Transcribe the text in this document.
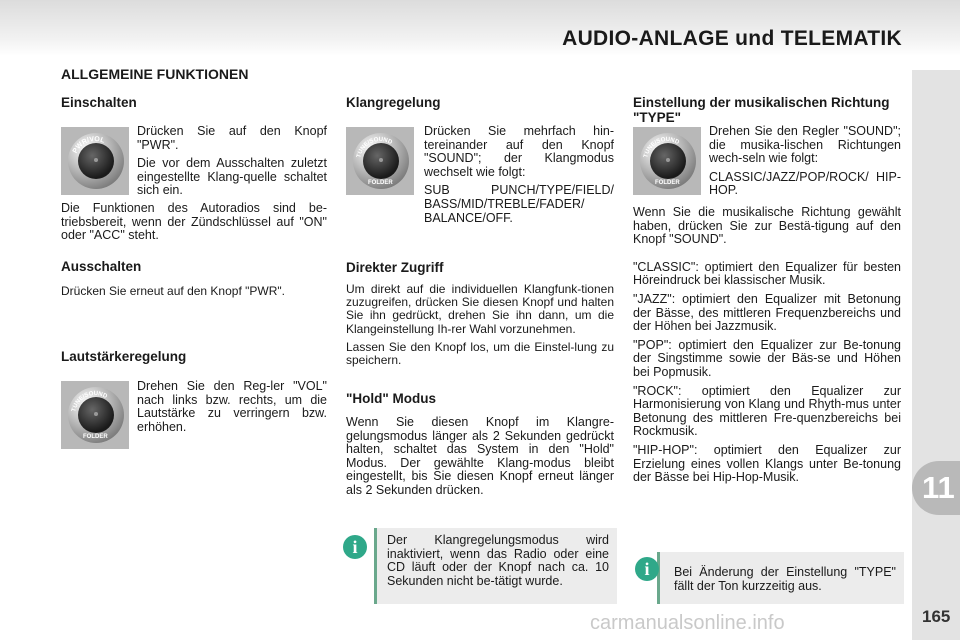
AUDIO-ANLAGE und TELEMATIK
11
165
carmanualsonline.info
ALLGEMEINE FUNKTIONEN
Einschalten
PWR/VOL

Drücken Sie auf den Knopf "PWR".

Die vor dem Ausschalten zuletzt eingestellte Klang-quelle schaltet sich ein.

Die Funktionen des Autoradios sind be-triebsbereit, wenn der Zündschlüssel auf "ON" oder "ACC" steht.

Ausschalten

Drücken Sie erneut auf den Knopf "PWR".

Lautstärkeregelung
TUNE/SOUND
FOLDER

Drehen Sie den Reg-ler "VOL" nach links bzw. rechts, um die Lautstärke zu verringern bzw. erhöhen.

Klangregelung
TUNE/SOUND
FOLDER

Drücken Sie mehrfach hin-tereinander auf den Knopf "SOUND"; der Klangmodus wechselt wie folgt:

SUB PUNCH/TYPE/FIELD/ BASS/MID/TREBLE/FADER/ BALANCE/OFF.

Direkter Zugriff

Um direkt auf die individuellen Klangfunk-tionen zuzugreifen, drücken Sie diesen Knopf und halten Sie ihn gedrückt, drehen Sie ihn dann, um die Klangeinstellung Ih-rer Wahl vorzunehmen.

Lassen Sie den Knopf los, um die Einstel-lung zu speichern.

"Hold" Modus

Wenn Sie diesen Knopf im Klangre-gelungsmodus länger als 2 Sekunden gedrückt halten, schaltet das System in den "Hold" Modus. Der gewählte Klang-modus bleibt eingestellt, bis Sie diesen Knopf erneut länger als 2 Sekunden drücken.

Der Klangregelungsmodus wird inaktiviert, wenn das Radio oder eine CD läuft oder der Knopf nach ca. 10 Sekunden nicht be-tätigt wurde.
i
Einstellung der musikalischen Richtung "TYPE"
TUNE/SOUND
FOLDER

Drehen Sie den Regler "SOUND"; die musika-lischen Richtungen wech-seln wie folgt:

CLASSIC/JAZZ/POP/ROCK/ HIP-HOP.

Wenn Sie die musikalische Richtung gewählt haben, drücken Sie zur Bestä-tigung auf den Knopf "SOUND".

"CLASSIC": optimiert den Equalizer für besten Höreindruck bei klassischer Musik.

"JAZZ": optimiert den Equalizer mit Betonung der Bässe, des mittleren Frequenzbereichs und der Höhen bei Jazzmusik.

"POP": optimiert den Equalizer zur Be-tonung der Singstimme sowie der Bäs-se und Höhen bei Popmusik.

"ROCK": optimiert den Equalizer zur Harmonisierung von Klang und Rhyth-mus unter Betonung des mittleren Fre-quenzbereichs bei Rockmusik.

"HIP-HOP": optimiert den Equalizer zur Erzielung eines vollen Klangs unter Be-tonung der Bässe bei Hip-Hop-Musik.

Bei Änderung der Einstellung "TYPE" fällt der Ton kurzzeitig aus.
i
